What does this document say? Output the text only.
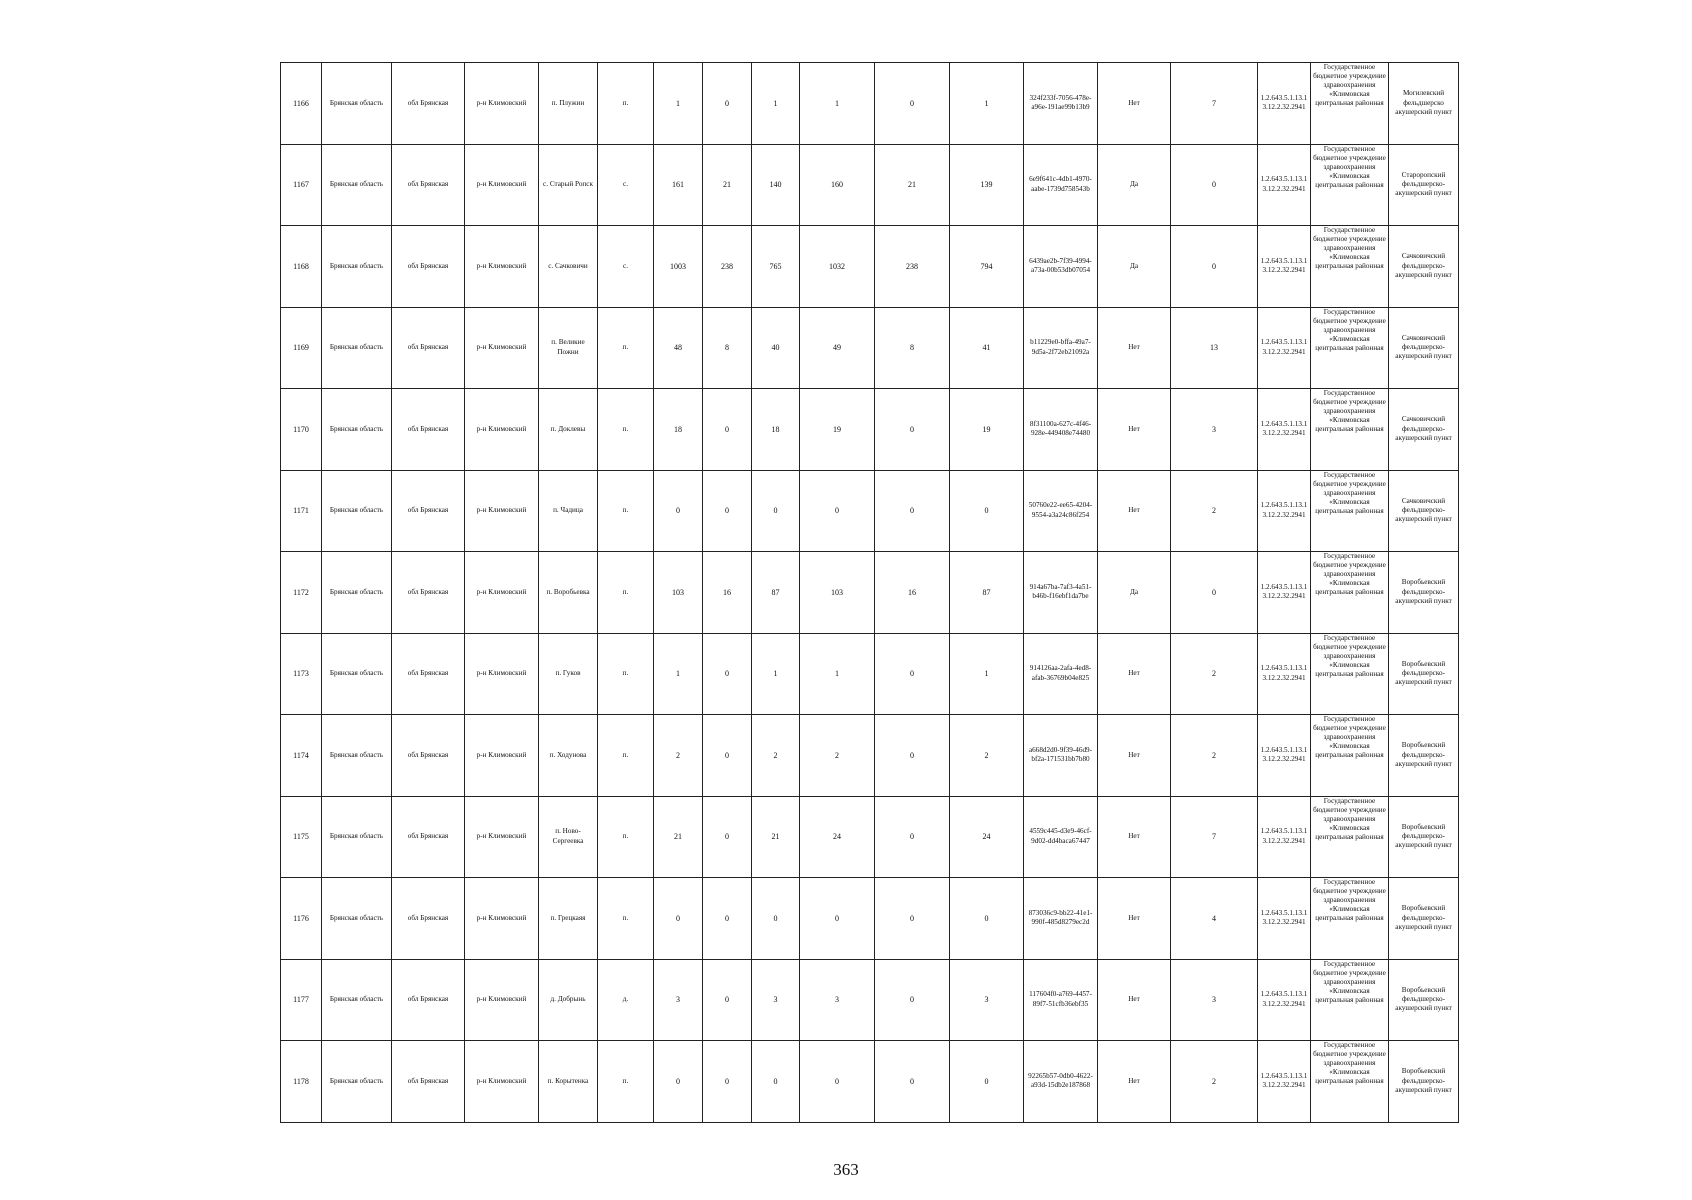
1166	Брянская область	обл Брянская	р-н Климовский	п. Плужин	п.	1	0	1	1	0	1	324f233f-7056-478e-a96e-191ae99b13b9	Нет	7	1.2.643.5.1.13.13.12.2.32.2941	Государственное бюджетное учреждение здравоохранения «Климовская центральная районная	Могилевский фельдшерско акушерский пункт
1167	Брянская область	обл Брянская	р-н Климовский	с. Старый Ропск	с.	161	21	140	160	21	139	6e9f641c-4db1-4970-aabe-1739d758543b	Да	0	1.2.643.5.1.13.13.12.2.32.2941	Государственное бюджетное учреждение здравоохранения «Климовская центральная районная	Староропский фельдшерско-акушерский пункт
1168	Брянская область	обл Брянская	р-н Климовский	с. Сачковичи	с.	1003	238	765	1032	238	794	6439ae2b-7f39-4994-a73a-00b53db07054	Да	0	1.2.643.5.1.13.13.12.2.32.2941	Государственное бюджетное учреждение здравоохранения «Климовская центральная районная	Сачковичский фельдшерско-акушерский пункт
1169	Брянская область	обл Брянская	р-н Климовский	п. Великие Пожни	п.	48	8	40	49	8	41	b11229e0-bffa-49a7-9d5a-2f72eb21092a	Нет	13	1.2.643.5.1.13.13.12.2.32.2941	Государственное бюджетное учреждение здравоохранения «Климовская центральная районная	Сачковичский фельдшерско-акушерский пункт
1170	Брянская область	обл Брянская	р-н Климовский	п. Доклевы	п.	18	0	18	19	0	19	8f31100a-627c-4f46-928e-449408e74480	Нет	3	1.2.643.5.1.13.13.12.2.32.2941	Государственное бюджетное учреждение здравоохранения «Климовская центральная районная	Сачковичский фельдшерско-акушерский пункт
1171	Брянская область	обл Брянская	р-н Климовский	п. Чадица	п.	0	0	0	0	0	0	50760e22-ee65-4204-9554-a3a24c86f254	Нет	2	1.2.643.5.1.13.13.12.2.32.2941	Государственное бюджетное учреждение здравоохранения «Климовская центральная районная	Сачковичский фельдшерско-акушерский пункт
1172	Брянская область	обл Брянская	р-н Климовский	п. Воробьевка	п.	103	16	87	103	16	87	914a67ba-7af3-4a51-b46b-f16ebf1da7be	Да	0	1.2.643.5.1.13.13.12.2.32.2941	Государственное бюджетное учреждение здравоохранения «Климовская центральная районная	Воробьевский фельдшерско-акушерский пункт
1173	Брянская область	обл Брянская	р-н Климовский	п. Гуков	п.	1	0	1	1	0	1	914126aa-2afa-4ed8-afab-36769b04e825	Нет	2	1.2.643.5.1.13.13.12.2.32.2941	Государственное бюджетное учреждение здравоохранения «Климовская центральная районная	Воробьевский фельдшерско-акушерский пункт
1174	Брянская область	обл Брянская	р-н Климовский	п. Ходунова	п.	2	0	2	2	0	2	a668d2d0-9f39-46d9-bf2a-171531bb7b80	Нет	2	1.2.643.5.1.13.13.12.2.32.2941	Государственное бюджетное учреждение здравоохранения «Климовская центральная районная	Воробьевский фельдшерско-акушерский пункт
1175	Брянская область	обл Брянская	р-н Климовский	п. Ново-Сергеевка	п.	21	0	21	24	0	24	4559c445-d3e9-46cf-9d02-dd4baca67447	Нет	7	1.2.643.5.1.13.13.12.2.32.2941	Государственное бюджетное учреждение здравоохранения «Климовская центральная районная	Воробьевский фельдшерско-акушерский пункт
1176	Брянская область	обл Брянская	р-н Климовский	п. Грецкаяя	п.	0	0	0	0	0	0	873036c9-bb22-41e1-990f-485d8279ec2d	Нет	4	1.2.643.5.1.13.13.12.2.32.2941	Государственное бюджетное учреждение здравоохранения «Климовская центральная районная	Воробьевский фельдшерско-акушерский пункт
1177	Брянская область	обл Брянская	р-н Климовский	д. Добрынь	д.	3	0	3	3	0	3	117604f0-a769-4457-89f7-51cfb36ebf35	Нет	3	1.2.643.5.1.13.13.12.2.32.2941	Государственное бюджетное учреждение здравоохранения «Климовская центральная районная	Воробьевский фельдшерско-акушерский пункт
1178	Брянская область	обл Брянская	р-н Климовский	п. Корытенка	п.	0	0	0	0	0	0	92265b57-0db0-4622-a93d-15db2e187868	Нет	2	1.2.643.5.1.13.13.12.2.32.2941	Государственное бюджетное учреждение здравоохранения «Климовская центральная районная	Воробьевский фельдшерско-акушерский пункт
363
